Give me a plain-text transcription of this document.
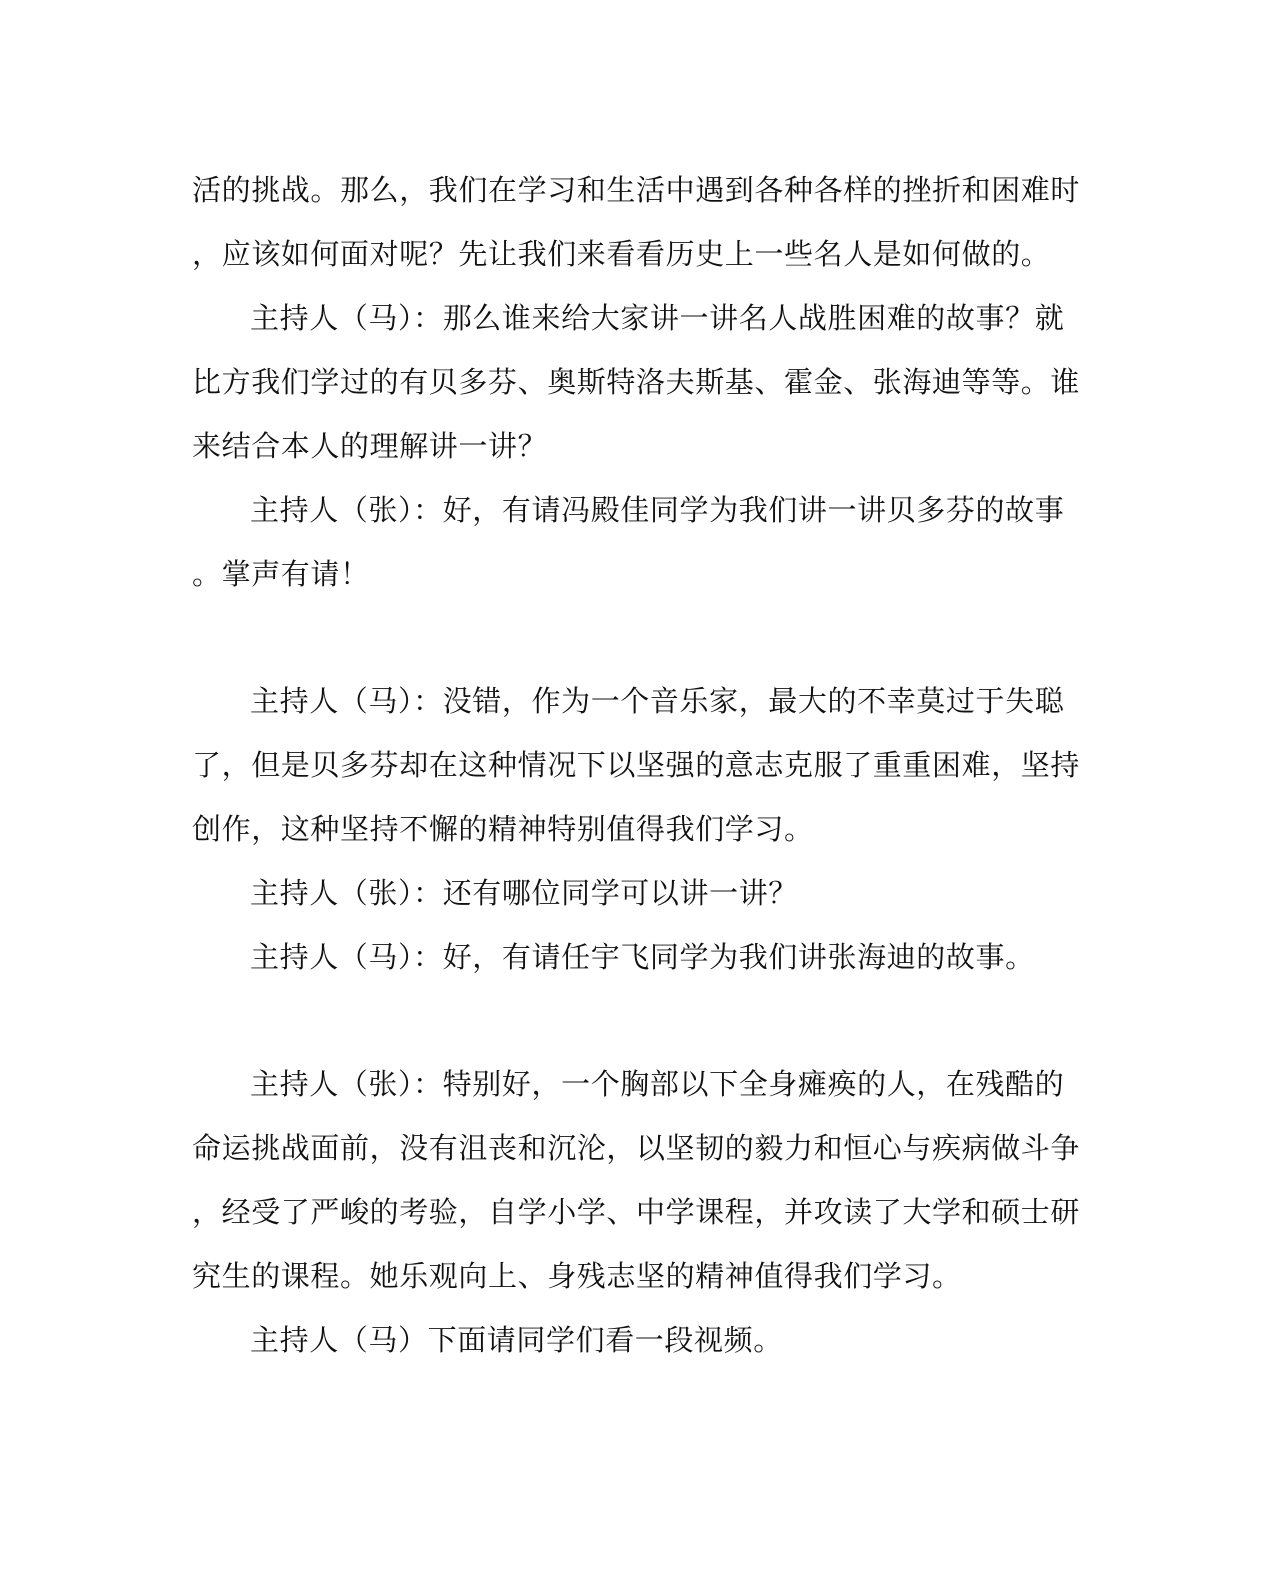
活的挑战。那么，我们在学习和生活中遇到各种各样的挫折和困难时
，应该如何面对呢？先让我们来看看历史上一些名人是如何做的。
主持人（马）：那么谁来给大家讲一讲名人战胜困难的故事？就
比方我们学过的有贝多芬、奥斯特洛夫斯基、霍金、张海迪等等。谁
来结合本人的理解讲一讲？
主持人（张）：好，有请冯殿佳同学为我们讲一讲贝多芬的故事
。掌声有请！
主持人（马）：没错，作为一个音乐家，最大的不幸莫过于失聪
了，但是贝多芬却在这种情况下以坚强的意志克服了重重困难，坚持
创作，这种坚持不懈的精神特别值得我们学习。
主持人（张）：还有哪位同学可以讲一讲？
主持人（马）：好，有请任宇飞同学为我们讲张海迪的故事。
主持人（张）：特别好，一个胸部以下全身瘫痪的人，在残酷的
命运挑战面前，没有沮丧和沉沦，以坚韧的毅力和恒心与疾病做斗争
，经受了严峻的考验，自学小学、中学课程，并攻读了大学和硕士研
究生的课程。她乐观向上、身残志坚的精神值得我们学习。
主持人（马）下面请同学们看一段视频。
